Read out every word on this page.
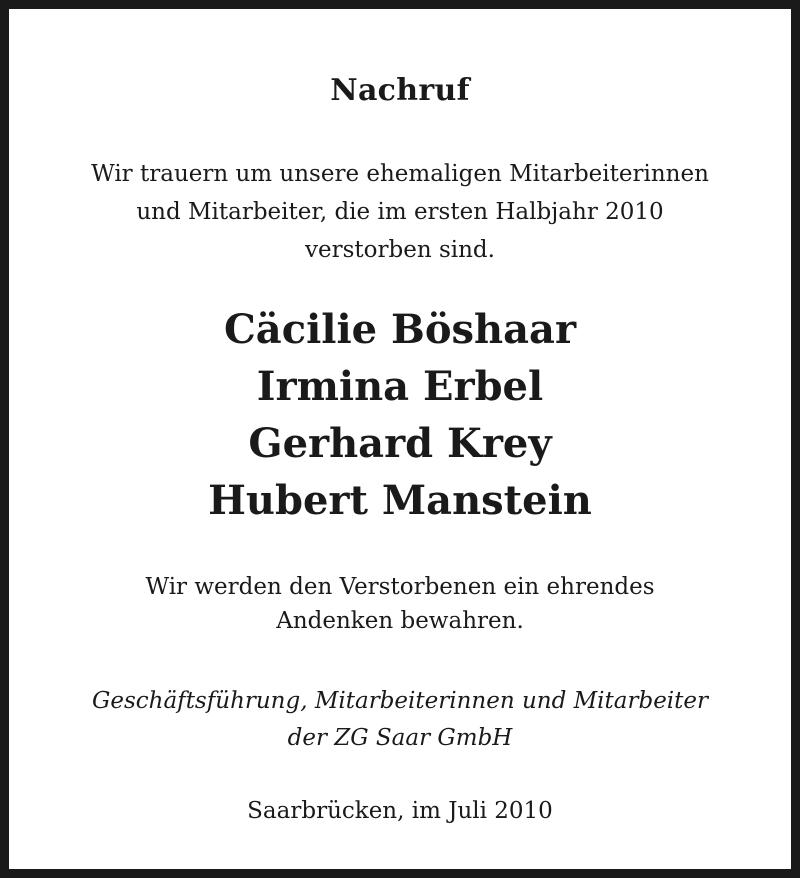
Nachruf
Wir trauern um unsere ehemaligen Mitarbeiterinnen
und Mitarbeiter, die im ersten Halbjahr 2010
verstorben sind.
Cäcilie Böshaar
Irmina Erbel
Gerhard Krey
Hubert Manstein
Wir werden den Verstorbenen ein ehrendes
Andenken bewahren.
Geschäftsführung, Mitarbeiterinnen und Mitarbeiter
der ZG Saar GmbH
Saarbrücken, im Juli 2010
